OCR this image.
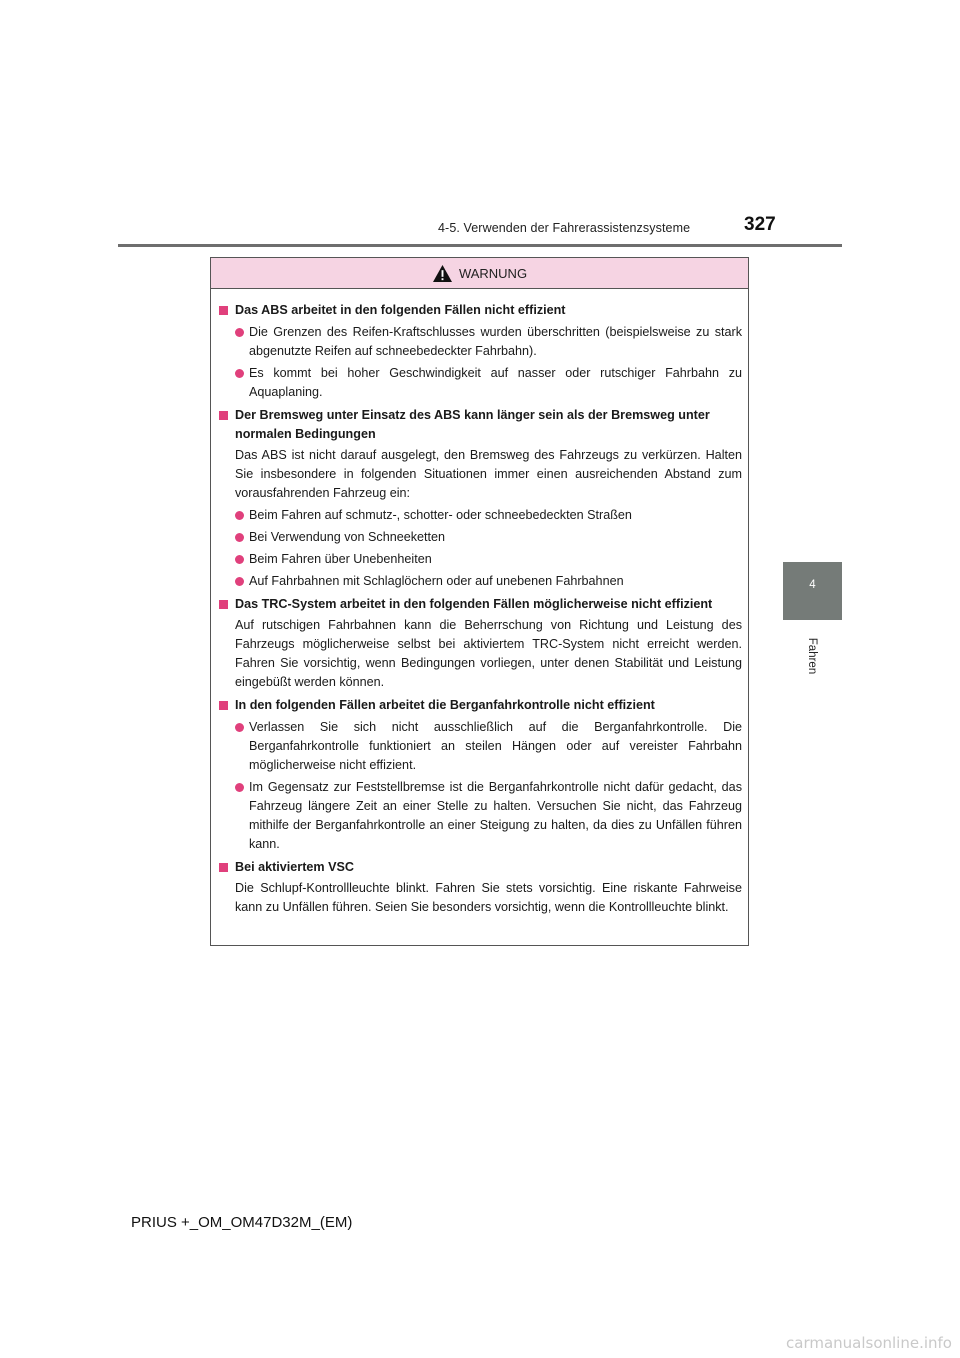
4-5. Verwenden der Fahrerassistenzsysteme	327
4
Fahren
WARNUNG
Das ABS arbeitet in den folgenden Fällen nicht effizient
Die Grenzen des Reifen-Kraftschlusses wurden überschritten (beispielsweise zu stark abgenutzte Reifen auf schneebedeckter Fahrbahn).
Es kommt bei hoher Geschwindigkeit auf nasser oder rutschiger Fahrbahn zu Aquaplaning.
Der Bremsweg unter Einsatz des ABS kann länger sein als der Bremsweg unter normalen Bedingungen
Das ABS ist nicht darauf ausgelegt, den Bremsweg des Fahrzeugs zu verkürzen. Halten Sie insbesondere in folgenden Situationen immer einen ausreichenden Abstand zum vorausfahrenden Fahrzeug ein:
Beim Fahren auf schmutz-, schotter- oder schneebedeckten Straßen
Bei Verwendung von Schneeketten
Beim Fahren über Unebenheiten
Auf Fahrbahnen mit Schlaglöchern oder auf unebenen Fahrbahnen
Das TRC-System arbeitet in den folgenden Fällen möglicherweise nicht effizient
Auf rutschigen Fahrbahnen kann die Beherrschung von Richtung und Leistung des Fahrzeugs möglicherweise selbst bei aktiviertem TRC-System nicht erreicht werden. Fahren Sie vorsichtig, wenn Bedingungen vorliegen, unter denen Stabilität und Leistung eingebüßt werden können.
In den folgenden Fällen arbeitet die Berganfahrkontrolle nicht effizient
Verlassen Sie sich nicht ausschließlich auf die Berganfahrkontrolle. Die Berganfahrkontrolle funktioniert an steilen Hängen oder auf vereister Fahrbahn möglicherweise nicht effizient.
Im Gegensatz zur Feststellbremse ist die Berganfahrkontrolle nicht dafür gedacht, das Fahrzeug längere Zeit an einer Stelle zu halten. Versuchen Sie nicht, das Fahrzeug mithilfe der Berganfahrkontrolle an einer Steigung zu halten, da dies zu Unfällen führen kann.
Bei aktiviertem VSC
Die Schlupf-Kontrollleuchte blinkt. Fahren Sie stets vorsichtig. Eine riskante Fahrweise kann zu Unfällen führen. Seien Sie besonders vorsichtig, wenn die Kontrollleuchte blinkt.
PRIUS +_OM_OM47D32M_(EM)
carmanualsonline.info
